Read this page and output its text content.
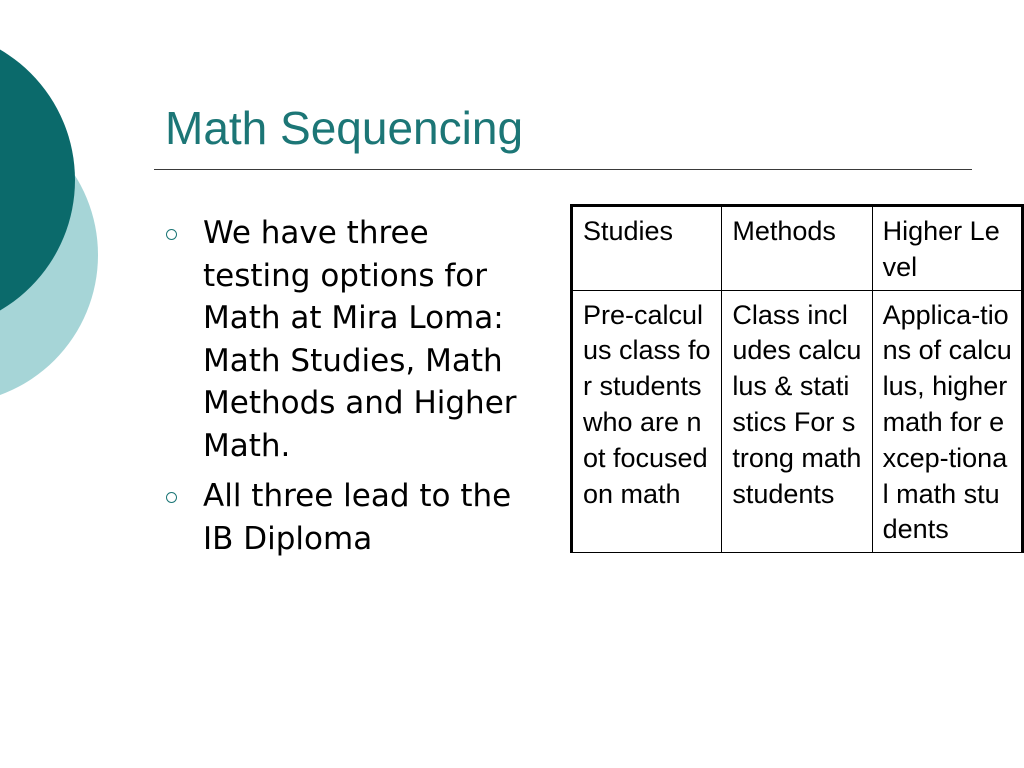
Math Sequencing
We have three testing options for Math at Mira Loma: Math Studies, Math Methods and Higher Math.
All three lead to the IB Diploma
Studies	Methods	Higher Level
Pre-calculus class for students who are not focused on math	Class includes calculus & statistics For strong math students	Applica-tions of calculus, higher math for excep-tional math students
